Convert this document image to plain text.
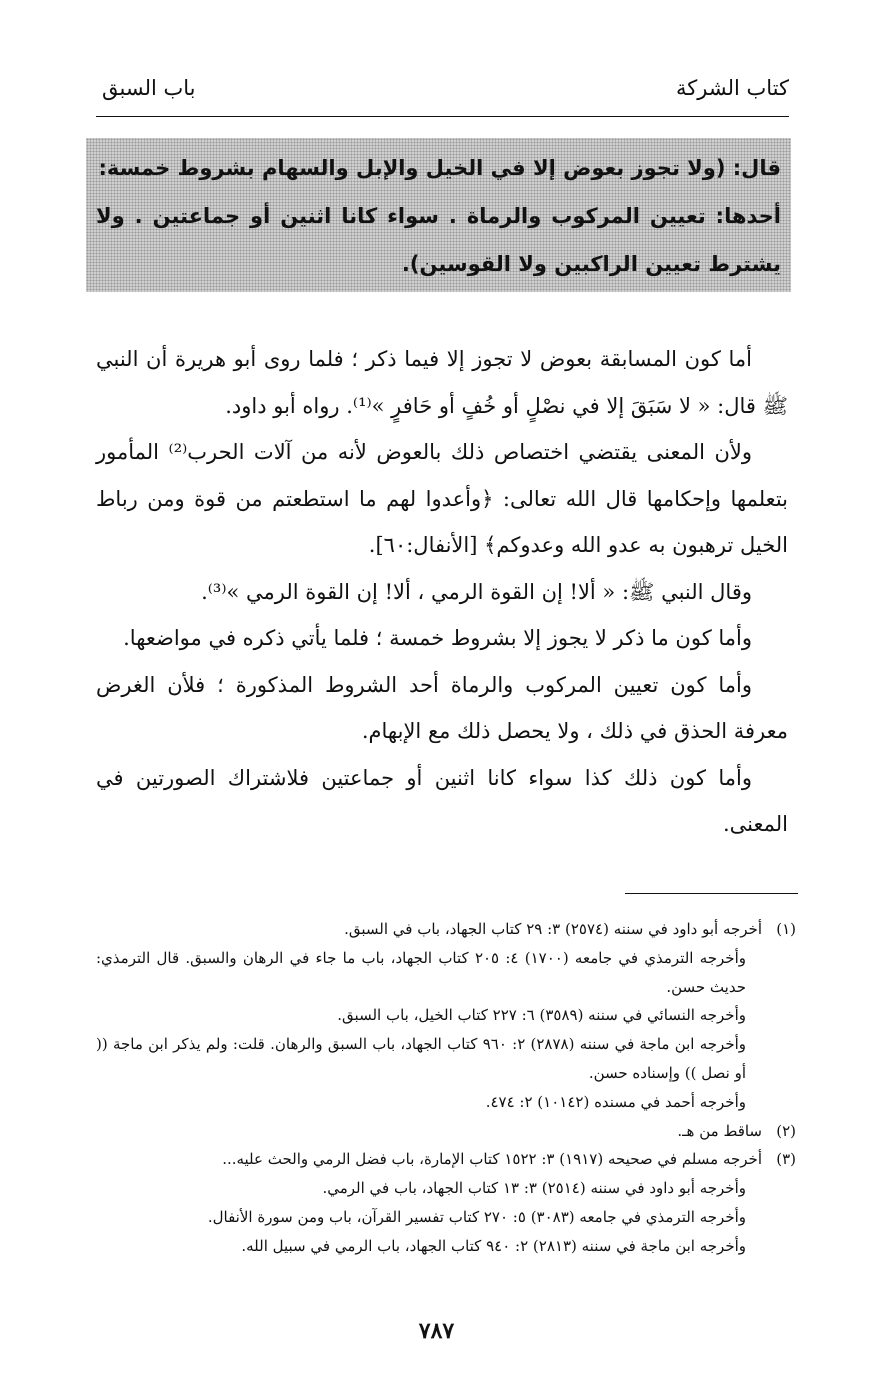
كتاب الشركة
باب السبق

قال: (ولا تجوز بعوض إلا في الخيل والإبل والسهام بشروط خمسة:

أحدها: تعيين المركوب والرماة . سواء كانا اثنين أو جماعتين . ولا يشترط تعيين الراكبين ولا القوسين).

أما كون المسابقة بعوض لا تجوز إلا فيما ذكر ؛ فلما روى أبو هريرة أن النبي ﷺ قال: « لا سَبَقَ إلا في نصْلٍ أو خُفٍ أو حَافرٍ »⁽¹⁾. رواه أبو داود.

ولأن المعنى يقتضي اختصاص ذلك بالعوض لأنه من آلات الحرب⁽²⁾ المأمور بتعلمها وإحكامها قال الله تعالى: ﴿وأعدوا لهم ما استطعتم من قوة ومن رباط الخيل ترهبون به عدو الله وعدوكم﴾ [الأنفال:٦٠].

وقال النبي ﷺ: « ألا! إن القوة الرمي ، ألا! إن القوة الرمي »⁽³⁾.

وأما كون ما ذكر لا يجوز إلا بشروط خمسة ؛ فلما يأتي ذكره في مواضعها.

وأما كون تعيين المركوب والرماة أحد الشروط المذكورة ؛ فلأن الغرض معرفة الحذق في ذلك ، ولا يحصل ذلك مع الإبهام.

وأما كون ذلك كذا سواء كانا اثنين أو جماعتين فلاشتراك الصورتين في المعنى.

(١)

أخرجه أبو داود في سننه (٢٥٧٤) ٣: ٢٩ كتاب الجهاد، باب في السبق.

وأخرجه الترمذي في جامعه (١٧٠٠) ٤: ٢٠٥ كتاب الجهاد، باب ما جاء في الرهان والسبق. قال الترمذي: حديث حسن.

وأخرجه النسائي في سننه (٣٥٨٩) ٦: ٢٢٧ كتاب الخيل، باب السبق.

وأخرجه ابن ماجة في سننه (٢٨٧٨) ٢: ٩٦٠ كتاب الجهاد، باب السبق والرهان. قلت: ولم يذكر ابن ماجة (( أو نصل )) وإسناده حسن.

وأخرجه أحمد في مسنده (١٠١٤٢) ٢: ٤٧٤.

(٢)

ساقط من هـ.

(٣)

أخرجه مسلم في صحيحه (١٩١٧) ٣: ١٥٢٢ كتاب الإمارة، باب فضل الرمي والحث عليه...

وأخرجه أبو داود في سننه (٢٥١٤) ٣: ١٣ كتاب الجهاد، باب في الرمي.

وأخرجه الترمذي في جامعه (٣٠٨٣) ٥: ٢٧٠ كتاب تفسير القرآن، باب ومن سورة الأنفال.

وأخرجه ابن ماجة في سننه (٢٨١٣) ٢: ٩٤٠ كتاب الجهاد، باب الرمي في سبيل الله.

٧٨٧
